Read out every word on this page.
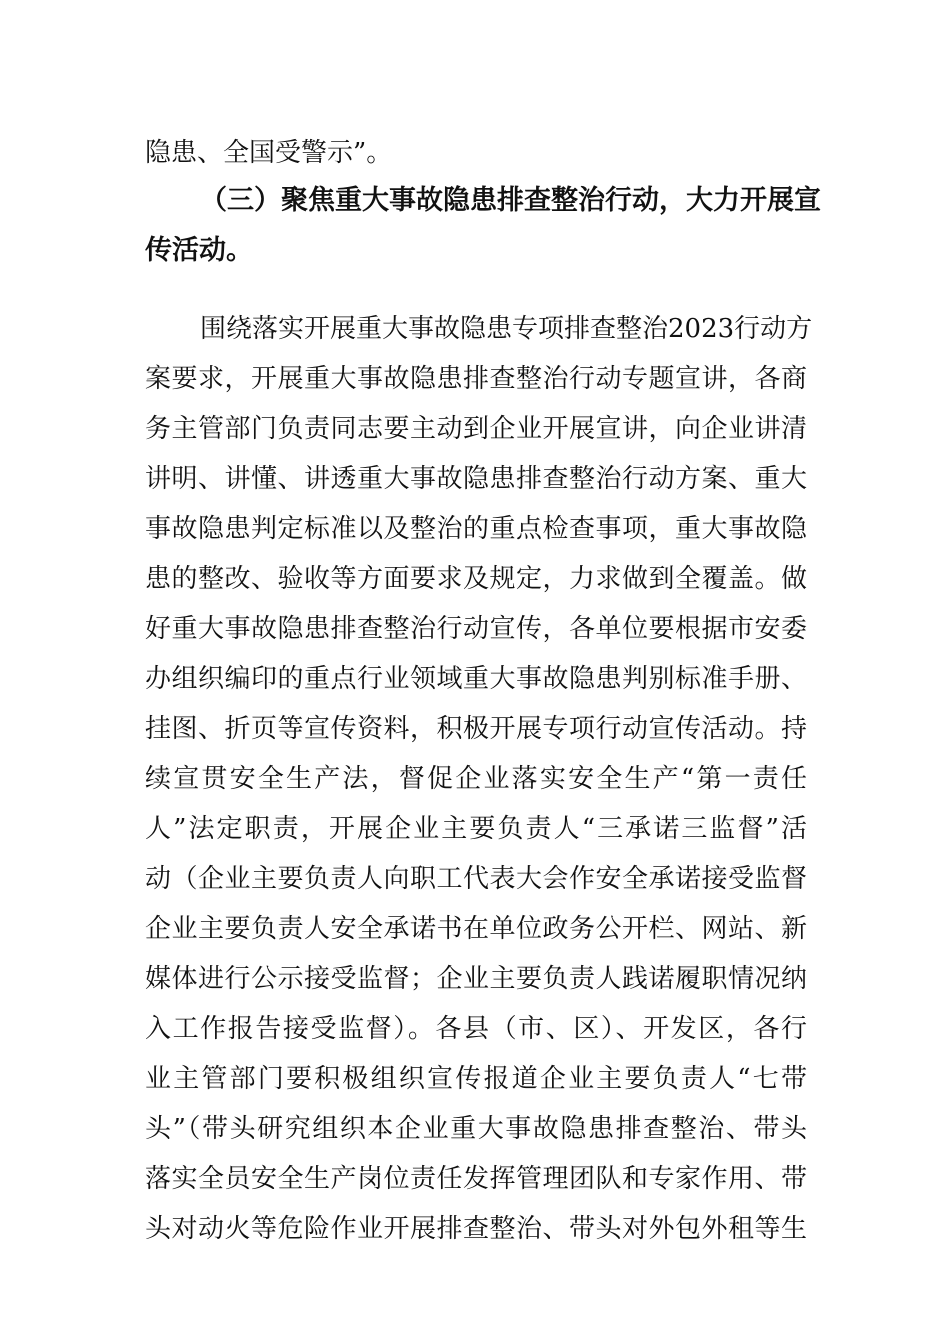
隐患、全国受警示”。
（三）聚焦重大事故隐患排查整治行动，大力开展宣
传活动。
围绕落实开展重大事故隐患专项排查整治2023行动方
案要求，开展重大事故隐患排查整治行动专题宣讲，各商
务主管部门负责同志要主动到企业开展宣讲，向企业讲清
讲明、讲懂、讲透重大事故隐患排查整治行动方案、重大
事故隐患判定标准以及整治的重点检查事项，重大事故隐
患的整改、验收等方面要求及规定，力求做到全覆盖。做
好重大事故隐患排查整治行动宣传，各单位要根据市安委
办组织编印的重点行业领域重大事故隐患判别标准手册、
挂图、折页等宣传资料，积极开展专项行动宣传活动。持
续宣贯安全生产法，督促企业落实安全生产“第一责任
人”法定职责，开展企业主要负责人“三承诺三监督”活
动（企业主要负责人向职工代表大会作安全承诺接受监督
企业主要负责人安全承诺书在单位政务公开栏、网站、新
媒体进行公示接受监督；企业主要负责人践诺履职情况纳
入工作报告接受监督）。各县（市、区）、开发区，各行
业主管部门要积极组织宣传报道企业主要负责人“七带
头”（带头研究组织本企业重大事故隐患排查整治、带头
落实全员安全生产岗位责任发挥管理团队和专家作用、带
头对动火等危险作业开展排查整治、带头对外包外租等生
